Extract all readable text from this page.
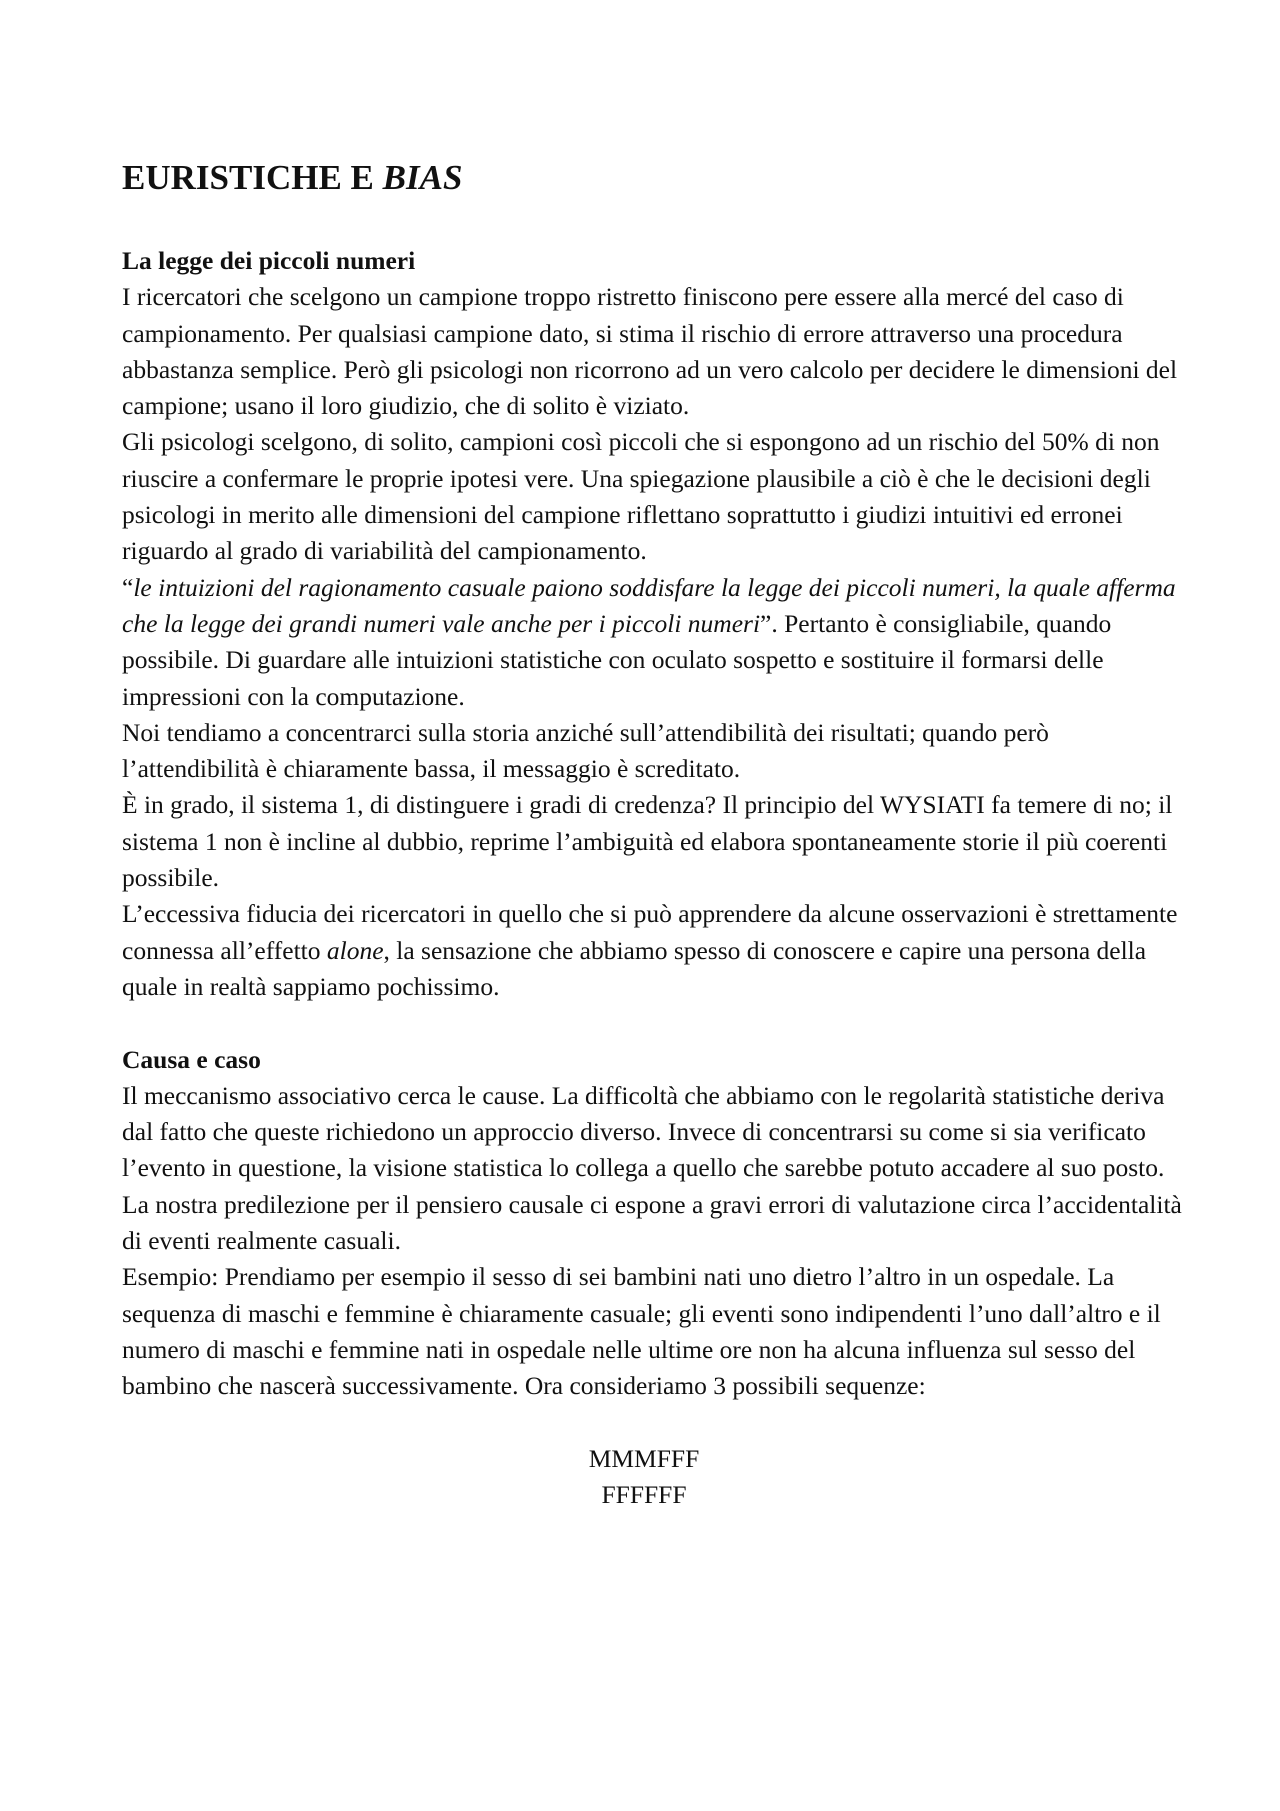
EURISTICHE E BIAS

La legge dei piccoli numeri

I ricercatori che scelgono un campione troppo ristretto finiscono pere essere alla mercé del caso di campionamento. Per qualsiasi campione dato, si stima il rischio di errore attraverso una procedura abbastanza semplice. Però gli psicologi non ricorrono ad un vero calcolo per decidere le dimensioni del campione; usano il loro giudizio, che di solito è viziato.

Gli psicologi scelgono, di solito, campioni così piccoli che si espongono ad un rischio del 50% di non riuscire a confermare le proprie ipotesi vere. Una spiegazione plausibile a ciò è che le decisioni degli psicologi in merito alle dimensioni del campione riflettano soprattutto i giudizi intuitivi ed erronei riguardo al grado di variabilità del campionamento.

“le intuizioni del ragionamento casuale paiono soddisfare la legge dei piccoli numeri, la quale afferma che la legge dei grandi numeri vale anche per i piccoli numeri”. Pertanto è consigliabile, quando possibile. Di guardare alle intuizioni statistiche con oculato sospetto e sostituire il formarsi delle impressioni con la computazione.

Noi tendiamo a concentrarci sulla storia anziché sull’attendibilità dei risultati; quando però l’attendibilità è chiaramente bassa, il messaggio è screditato.

È in grado, il sistema 1, di distinguere i gradi di credenza? Il principio del WYSIATI fa temere di no; il sistema 1 non è incline al dubbio, reprime l’ambiguità ed elabora spontaneamente storie il più coerenti possibile.

L’eccessiva fiducia dei ricercatori in quello che si può apprendere da alcune osservazioni è strettamente connessa all’effetto alone, la sensazione che abbiamo spesso di conoscere e capire una persona della quale in realtà sappiamo pochissimo.

Causa e caso

Il meccanismo associativo cerca le cause. La difficoltà che abbiamo con le regolarità statistiche deriva dal fatto che queste richiedono un approccio diverso. Invece di concentrarsi su come si sia verificato l’evento in questione, la visione statistica lo collega a quello che sarebbe potuto accadere al suo posto. La nostra predilezione per il pensiero causale ci espone a gravi errori di valutazione circa l’accidentalità di eventi realmente casuali.

Esempio: Prendiamo per esempio il sesso di sei bambini nati uno dietro l’altro in un ospedale. La sequenza di maschi e femmine è chiaramente casuale; gli eventi sono indipendenti l’uno dall’altro e il numero di maschi e femmine nati in ospedale nelle ultime ore non ha alcuna influenza sul sesso del bambino che nascerà successivamente. Ora consideriamo 3 possibili sequenze:

MMMFFF
FFFFFF
